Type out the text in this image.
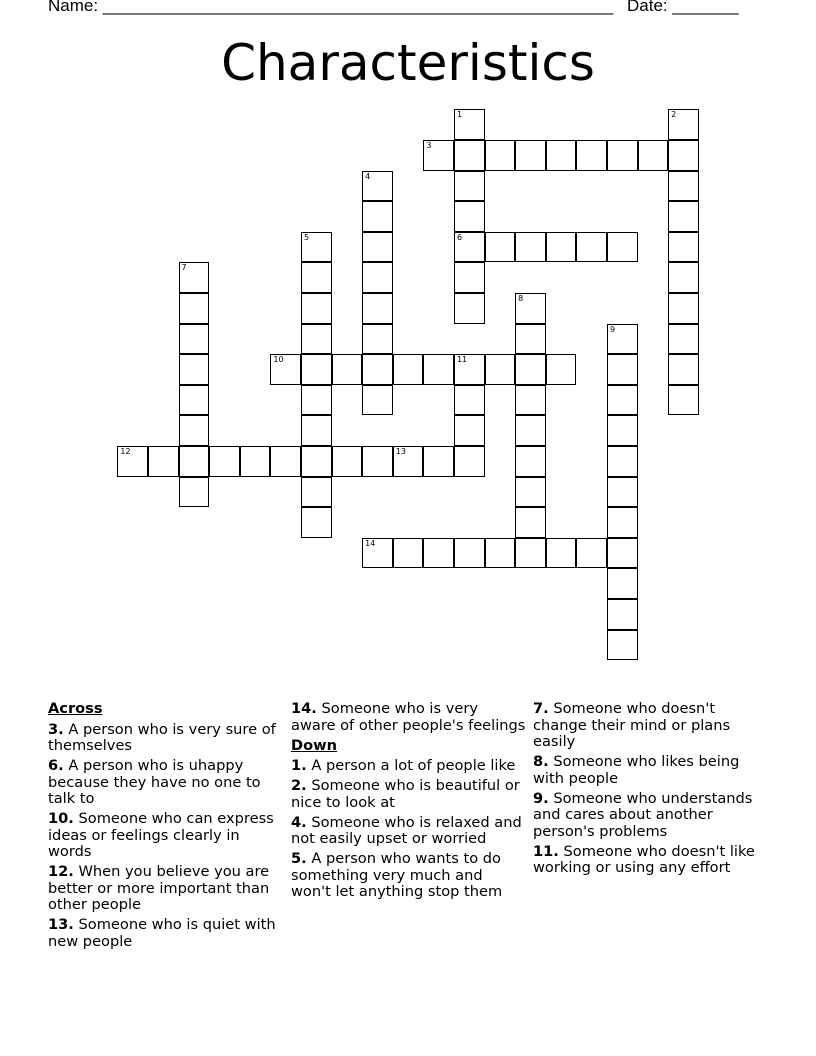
Name: ______________________________________________________ Date: _______
Characteristics
1
6
2
3
4
5
7
8
9
10	11
12	13
14
Across
3. A person who is very sure of themselves
6. A person who is uhappy because they have no one to talk to
10. Someone who can express ideas or feelings clearly in words
12. When you believe you are better or more important than other people
13. Someone who is quiet with new people
14. Someone who is very aware of other people's feelings
Down
1. A person a lot of people like
2. Someone who is beautiful or nice to look at
4. Someone who is relaxed and not easily upset or worried
5. A person who wants to do something very much and won't let anything stop them
7. Someone who doesn't change their mind or plans easily
8. Someone who likes being with people
9. Someone who understands and cares about another person's problems
11. Someone who doesn't like working or using any effort
